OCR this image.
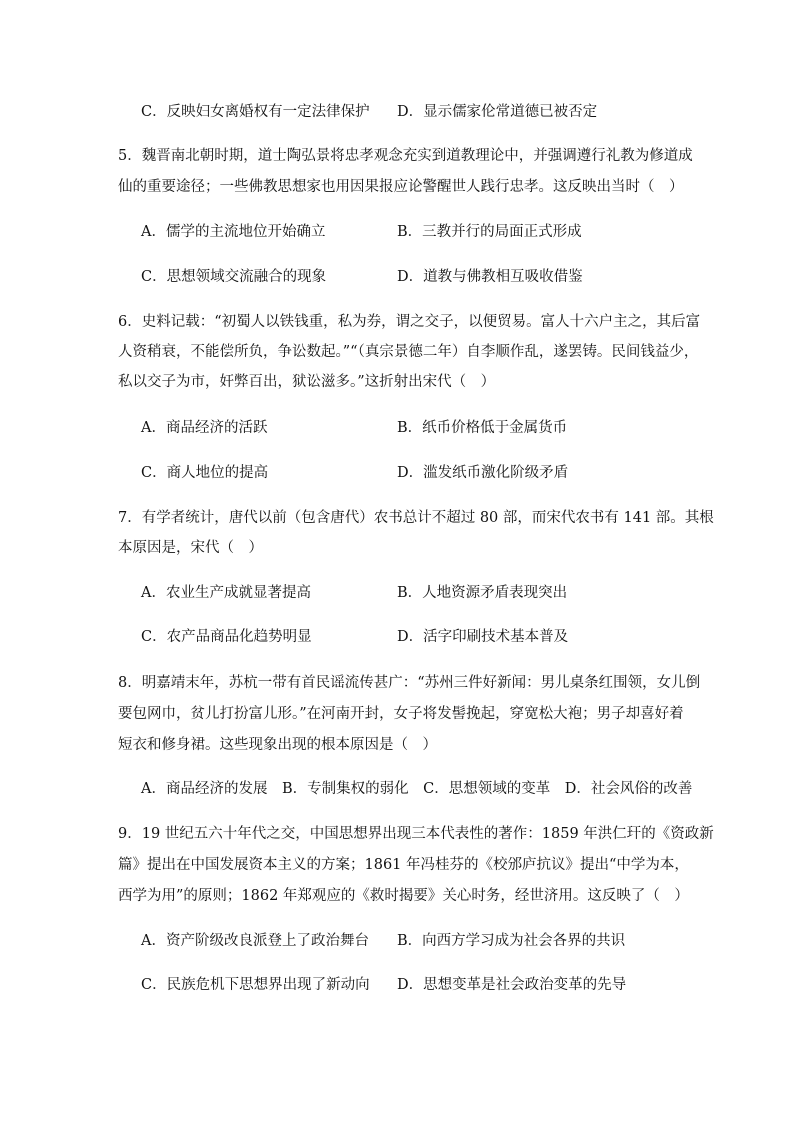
C．反映妇女离婚权有一定法律保护 D．显示儒家伦常道德已被否定
5．魏晋南北朝时期，道士陶弘景将忠孝观念充实到道教理论中，并强调遵行礼教为修道成
仙的重要途径；一些佛教思想家也用因果报应论警醒世人践行忠孝。这反映出当时（　）
A．儒学的主流地位开始确立	B．三教并行的局面正式形成
C．思想领域交流融合的现象	D．道教与佛教相互吸收借鉴
6．史料记载：“初蜀人以铁钱重，私为券，谓之交子，以便贸易。富人十六户主之，其后富
人资稍衰，不能偿所负，争讼数起。”“（真宗景德二年）自李顺作乱，遂罢铸。民间钱益少，
私以交子为市，奸弊百出，狱讼滋多。”这折射出宋代（　）
A．商品经济的活跃	B．纸币价格低于金属货币
C．商人地位的提高	D．滥发纸币激化阶级矛盾
7．有学者统计，唐代以前（包含唐代）农书总计不超过 80 部，而宋代农书有 141 部。其根
本原因是，宋代（　）
A．农业生产成就显著提高	B．人地资源矛盾表现突出
C．农产品商品化趋势明显	D．活字印刷技术基本普及
8．明嘉靖末年，苏杭一带有首民谣流传甚广：“苏州三件好新闻：男儿桌条红围领，女儿倒
要包网巾，贫儿打扮富儿形。”在河南开封，女子将发髻挽起，穿宽松大袍；男子却喜好着
短衣和修身裙。这些现象出现的根本原因是（　）
A．商品经济的发展　B．专制集权的弱化　C．思想领域的变革　D．社会风俗的改善
9．19 世纪五六十年代之交，中国思想界出现三本代表性的著作：1859 年洪仁玕的《资政新
篇》提出在中国发展资本主义的方案；1861 年冯桂芬的《校邠庐抗议》提出“中学为本，
西学为用”的原则；1862 年郑观应的《救时揭要》关心时务，经世济用。这反映了（　）
A．资产阶级改良派登上了政治舞台 B．向西方学习成为社会各界的共识
C．民族危机下思想界出现了新动向 D．思想变革是社会政治变革的先导
